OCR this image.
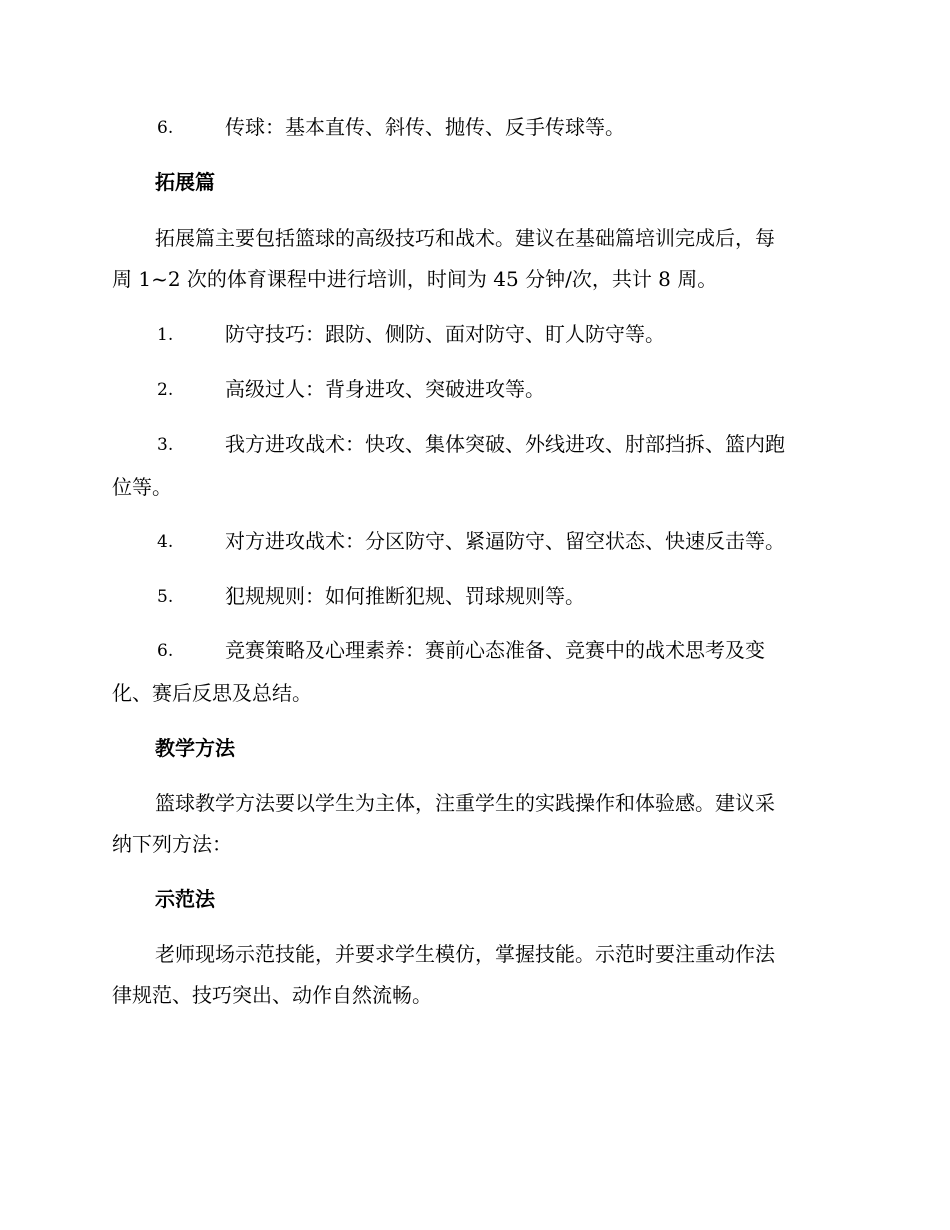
6.	传球：基本直传、斜传、抛传、反手传球等。
拓展篇
拓展篇主要包括篮球的高级技巧和战术。建议在基础篇培训完成后，每
周 1~2 次的体育课程中进行培训，时间为 45 分钟/次，共计 8 周。
1.	防守技巧：跟防、侧防、面对防守、盯人防守等。
2.	高级过人：背身进攻、突破进攻等。
3.	我方进攻战术：快攻、集体突破、外线进攻、肘部挡拆、篮内跑
位等。
4.	对方进攻战术：分区防守、紧逼防守、留空状态、快速反击等。
5.	犯规规则：如何推断犯规、罚球规则等。
6.	竞赛策略及心理素养：赛前心态准备、竞赛中的战术思考及变
化、赛后反思及总结。
教学方法
篮球教学方法要以学生为主体，注重学生的实践操作和体验感。建议采
纳下列方法：
示范法
老师现场示范技能，并要求学生模仿，掌握技能。示范时要注重动作法
律规范、技巧突出、动作自然流畅。
